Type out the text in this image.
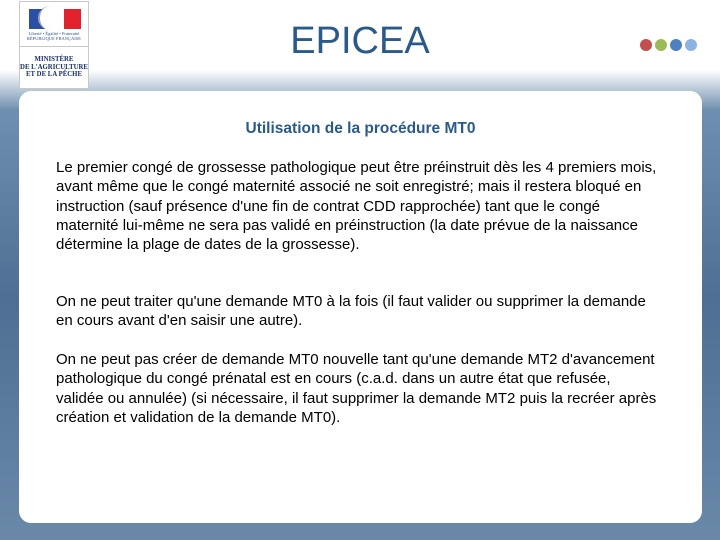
Liberté • Égalité • Fraternité
RÉPUBLIQUE FRANÇAISE
MINISTÈRE
DE L'AGRICULTURE
ET DE LA PÊCHE
EPICEA
Utilisation de la procédure MT0

Le premier congé de grossesse pathologique peut être préinstruit dès les 4 premiers mois, avant même que le congé maternité associé ne soit enregistré; mais il restera bloqué en instruction (sauf présence d'une fin de contrat CDD rapprochée) tant que le congé maternité lui-même ne sera pas validé en préinstruction (la date prévue de la naissance détermine la plage de dates de la grossesse).

On ne peut traiter qu'une demande MT0 à la fois (il faut valider ou supprimer la demande en cours avant d'en saisir une autre).

On ne peut pas créer de demande MT0 nouvelle tant qu'une demande MT2 d'avancement pathologique du congé prénatal est en cours (c.a.d. dans un autre état que refusée, validée ou annulée) (si nécessaire, il faut supprimer la demande MT2 puis la recréer après création et validation de la demande MT0).
